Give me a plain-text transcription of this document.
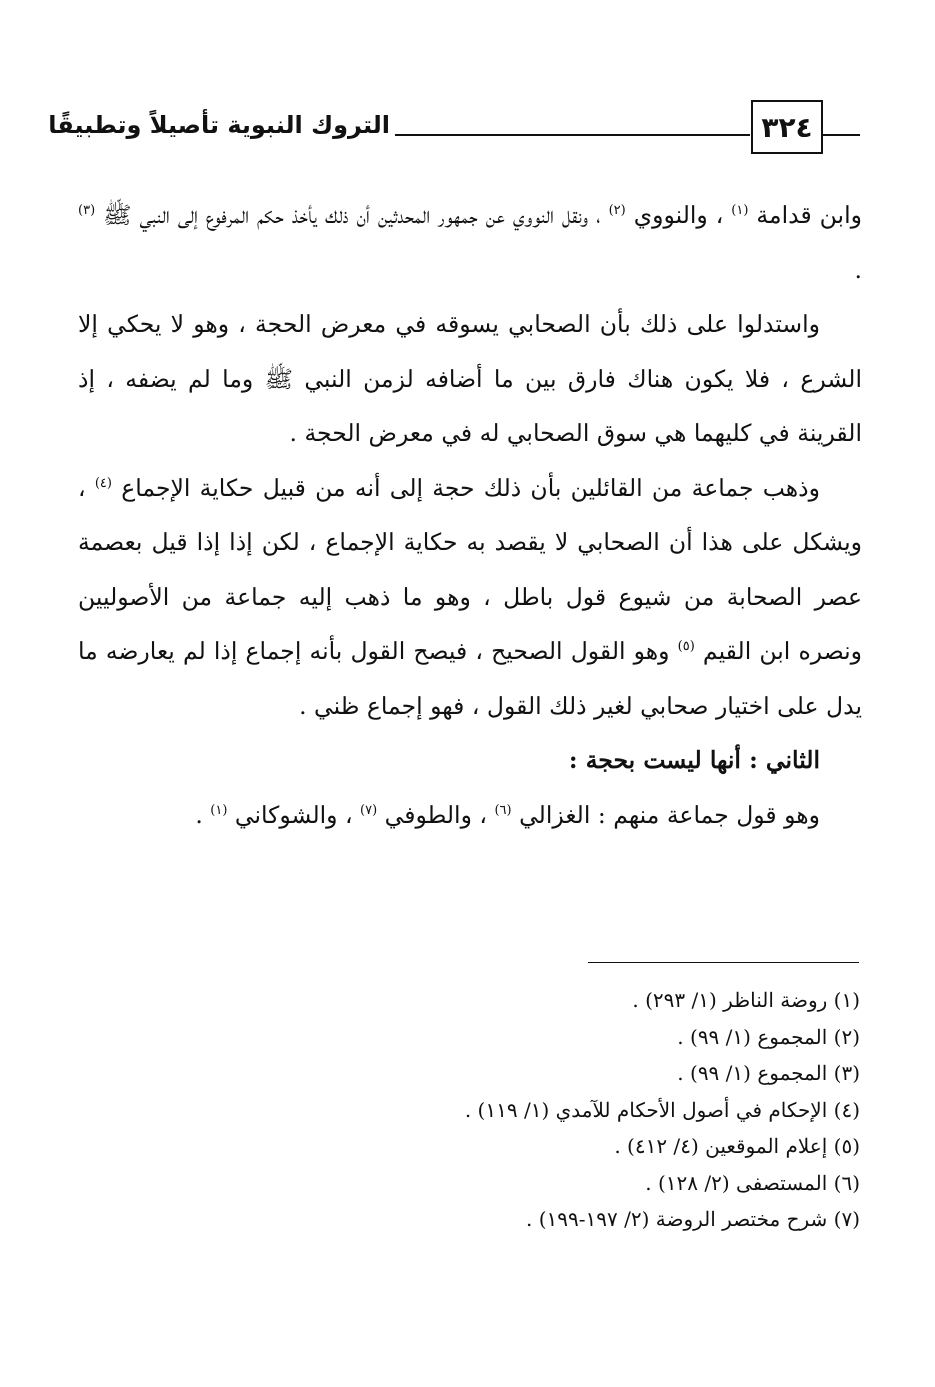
٣٢٤
التروك النبوية تأصيلاً وتطبيقًا

وابن قدامة $^{(١)}$ ، والنووي $^{(٢)}$ ، ونقل النووي عن جمهور المحدثين أن ذلك يأخذ حكم المرفوع إلى النبي ﷺ $^{(٣)}$ .

واستدلوا على ذلك بأن الصحابي يسوقه في معرض الحجة ، وهو لا يحكي إلا الشرع ، فلا يكون هناك فارق بين ما أضافه لزمن النبي ﷺ وما لم يضفه ، إذ القرينة في كليهما هي سوق الصحابي له في معرض الحجة .

وذهب جماعة من القائلين بأن ذلك حجة إلى أنه من قبيل حكاية الإجماع $^{(٤)}$ ، ويشكل على هذا أن الصحابي لا يقصد به حكاية الإجماع ، لكن إذا إذا قيل بعصمة عصر الصحابة من شيوع قول باطل ، وهو ما ذهب إليه جماعة من الأصوليين ونصره ابن القيم $^{(٥)}$ وهو القول الصحيح ، فيصح القول بأنه إجماع إذا لم يعارضه ما يدل على اختيار صحابي لغير ذلك القول ، فهو إجماع ظني .

الثاني : أنها ليست بحجة :

وهو قول جماعة منهم : الغزالي $^{(٦)}$ ، والطوفي $^{(٧)}$ ، والشوكاني $^{(١)}$ .

(١) روضة الناظر (١/ ٢٩٣) .
(٢) المجموع (١/ ٩٩) .
(٣) المجموع (١/ ٩٩) .
(٤) الإحكام في أصول الأحكام للآمدي (١/ ١١٩) .
(٥) إعلام الموقعين (٤/ ٤١٢) .
(٦) المستصفى (٢/ ١٢٨) .
(٧) شرح مختصر الروضة (٢/ ١٩٧-١٩٩) .
